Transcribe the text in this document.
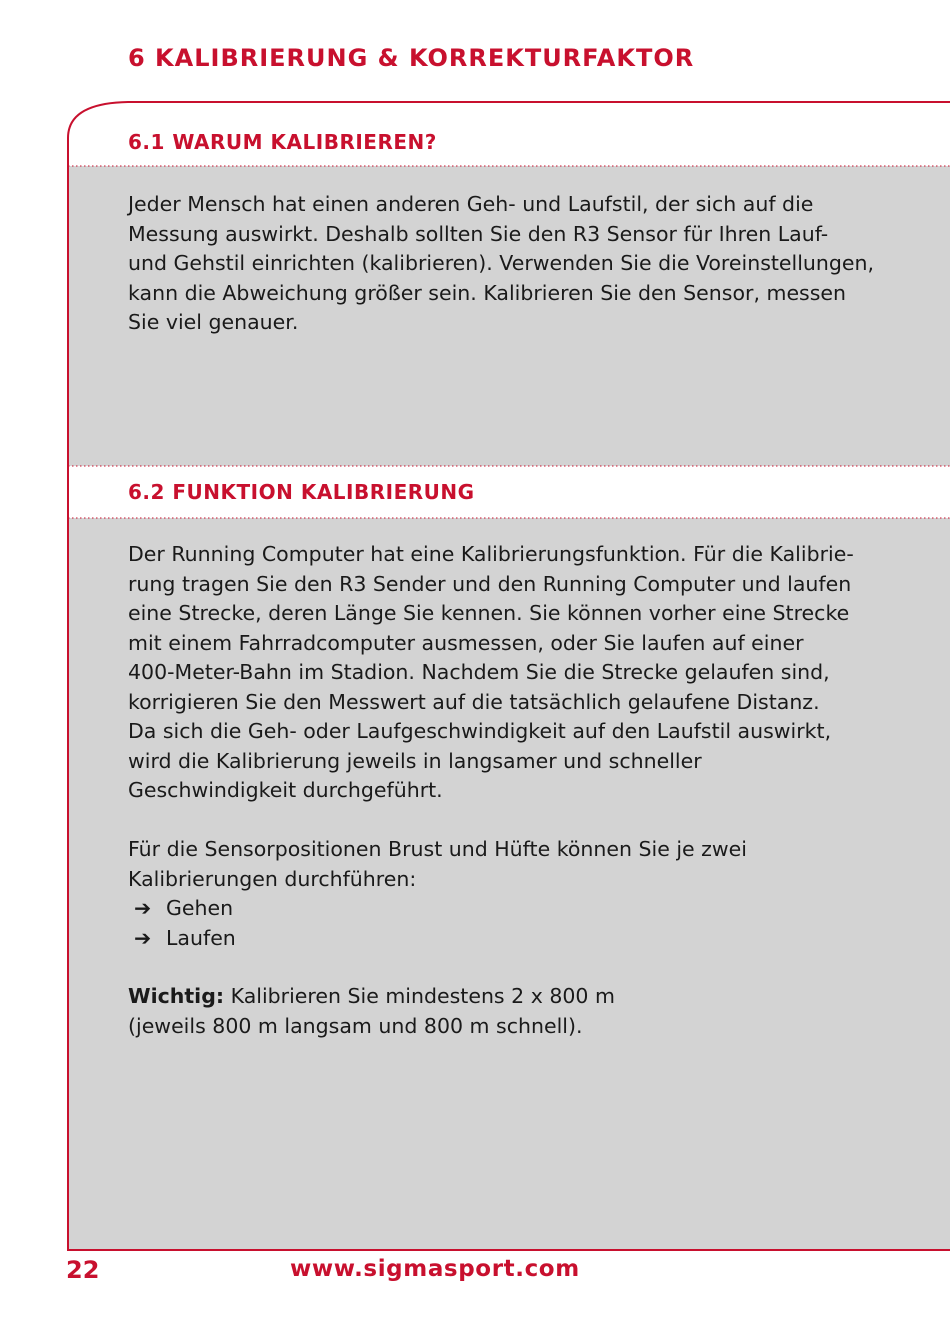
6 KALIBRIERUNG & KORREKTURFAKTOR
6.1 WARUM KALIBRIEREN?

Jeder Mensch hat einen anderen Geh- und Laufstil, der sich auf die
Messung auswirkt. Deshalb sollten Sie den R3 Sensor für Ihren Lauf-
und Gehstil einrichten (kalibrieren). Verwenden Sie die Voreinstellungen,
kann die Abweichung größer sein. Kalibrieren Sie den Sensor, messen
Sie viel genauer.

6.2 FUNKTION KALIBRIERUNG

Der Running Computer hat eine Kalibrierungsfunktion. Für die Kalibrie-
rung tragen Sie den R3 Sender und den Running Computer und laufen
eine Strecke, deren Länge Sie kennen. Sie können vorher eine Strecke
mit einem Fahrradcomputer ausmessen, oder Sie laufen auf einer
400-Meter-Bahn im Stadion. Nachdem Sie die Strecke gelaufen sind,
korrigieren Sie den Messwert auf die tatsächlich gelaufene Distanz.
Da sich die Geh- oder Laufgeschwindigkeit auf den Laufstil auswirkt,
wird die Kalibrierung jeweils in langsamer und schneller
Geschwindigkeit durchgeführt.

Für die Sensorpositionen Brust und Hüfte können Sie je zwei
Kalibrierungen durchführen:
➔ Gehen
➔ Laufen

Wichtig: Kalibrieren Sie mindestens 2 x 800 m
(jeweils 800 m langsam und 800 m schnell).

22	www.sigmasport.com
